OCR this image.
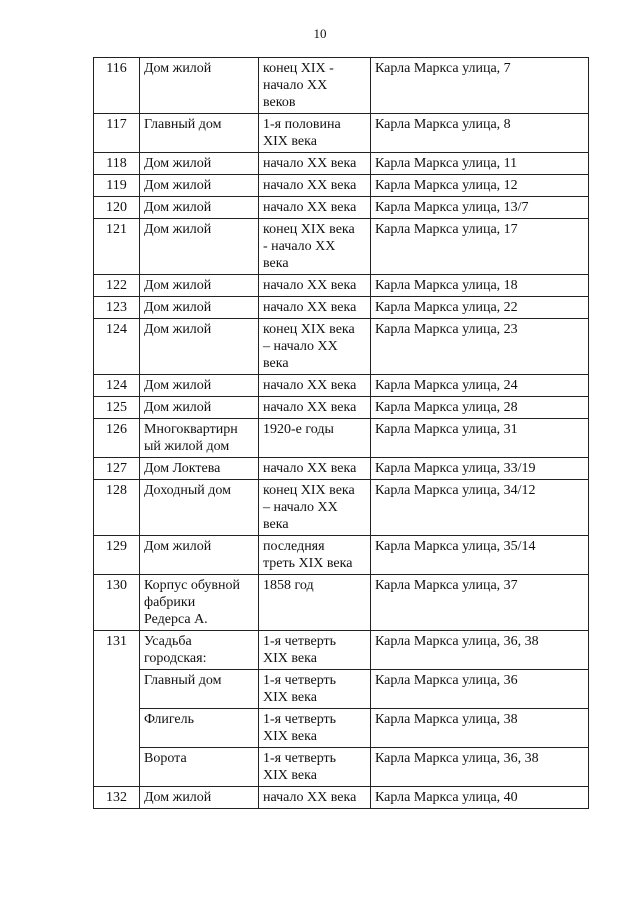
10
116	Дом жилой	конец XIX -
начало XX
веков	Карла Маркса улица, 7

117	Главный дом	1-я половина
XIX века	Карла Маркса улица, 8

118	Дом жилой	начало XX века	Карла Маркса улица, 11

119	Дом жилой	начало XX века	Карла Маркса улица, 12

120	Дом жилой	начало XX века	Карла Маркса улица, 13/7

121	Дом жилой	конец XIX века
- начало XX
века	Карла Маркса улица, 17

122	Дом жилой	начало XX века	Карла Маркса улица, 18

123	Дом жилой	начало XX века	Карла Маркса улица, 22

124	Дом жилой	конец XIX века
– начало XX
века	Карла Маркса улица, 23

124	Дом жилой	начало XX века	Карла Маркса улица, 24

125	Дом жилой	начало XX века	Карла Маркса улица, 28

126	Многоквартирн
ый жилой дом	1920-е годы	Карла Маркса улица, 31

127	Дом Локтева	начало XX века	Карла Маркса улица, 33/19

128	Доходный дом	конец XIX века
– начало XX
века	Карла Маркса улица, 34/12

129	Дом жилой	последняя
треть XIX века	Карла Маркса улица, 35/14

130	Корпус обувной
фабрики
Редерса А.	1858 год	Карла Маркса улица, 37

131	Усадьба
городская:	1-я четверть
XIX века	Карла Маркса улица, 36, 38

	Главный дом	1-я четверть
XIX века	Карла Маркса улица, 36

	Флигель	1-я четверть
XIX века	Карла Маркса улица, 38

	Ворота	1-я четверть
XIX века	Карла Маркса улица, 36, 38

132	Дом жилой	начало XX века	Карла Маркса улица, 40
